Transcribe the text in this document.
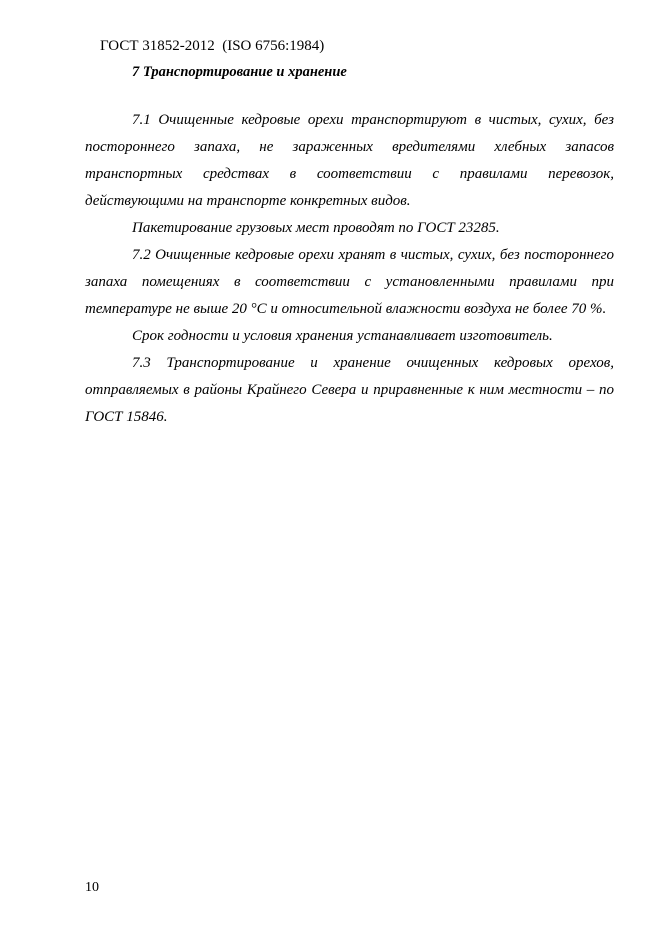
ГОСТ 31852-2012  (ISO 6756:1984)
7 Транспортирование и хранение

7.1 Очищенные кедровые орехи транспортируют в чистых, сухих, без постороннего запаха, не зараженных вредителями хлебных запасов транспортных средствах в соответствии с правилами перевозок, действующими на транспорте конкретных видов.

Пакетирование грузовых мест проводят по ГОСТ 23285.

7.2 Очищенные кедровые орехи хранят в чистых, сухих, без постороннего запаха помещениях в соответствии с установленными правилами при температуре не выше 20 °С и относительной влажности воздуха не более 70 %.

Срок годности и условия хранения устанавливает изготовитель.

7.3 Транспортирование и хранение очищенных кедровых орехов, отправляемых в районы Крайнего Севера и приравненные к ним местности – по ГОСТ 15846.

10
